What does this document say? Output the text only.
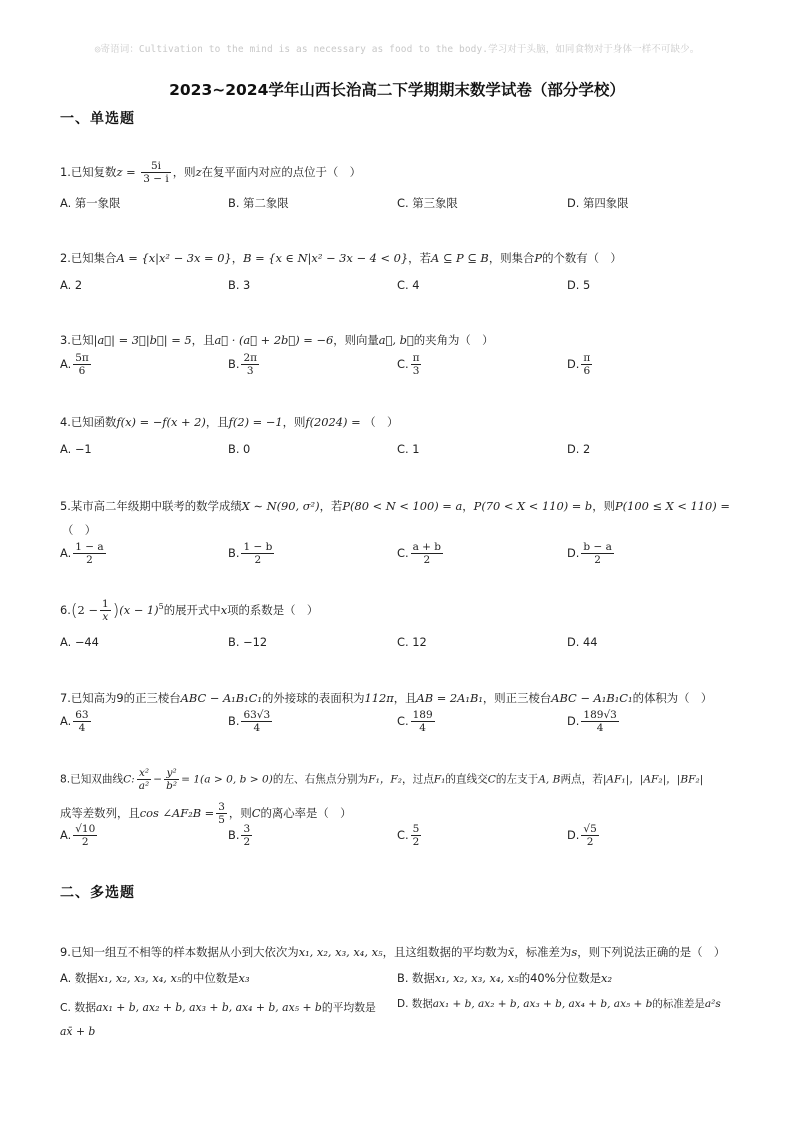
◎寄语词：Cultivation to the mind is as necessary as food to the body.学习对于头脑，如同食物对于身体一样不可缺少。
2023~2024学年山西长治高二下学期期末数学试卷（部分学校）
一、单选题
1.已知复数$z = \frac{5i}{3 - i}$ ，则z在复平面内对应的点位于（　）
A. 第一象限	B. 第二象限	C. 第三象限	D. 第四象限
2.已知集合A = {x|x² − 3x = 0}，B = {x ∈ N|x² − 3x − 4 < 0}，若A ⊆ P ⊆ B，则集合P的个数有（　）
A. 2	B. 3	C. 4	D. 5
3.已知|a⃗| = 3，|b⃗| = 5，且a⃗ · (a⃗ + 2b⃗) = −6，则向量a⃗, b⃗的夹角为（　）
A. $\frac{5\pi}{6}$	B. $\frac{2\pi}{3}$	C. $\frac{\pi}{3}$	D. $\frac{\pi}{6}$
4.已知函数f(x) = −f(x + 2)，且f(2) = −1，则f(2024) = （　）
A. −1	B. 0	C. 1	D. 2
5.某市高二年级期中联考的数学成绩X ∼ N(90, σ²)，若P(80 < N < 100) = a，P(70 < X < 110) = b，则P(100 ≤ X < 110) =
（　）
A. $\frac{1 - a}{2}$	B. $\frac{1 - b}{2}$	C. $\frac{a + b}{2}$	D. $\frac{b - a}{2}$
$6.(2 - \frac{1}{x} )(x - 1)^5$的展开式中x项的系数是（　）
A. −44	B. −12	C. 12	D. 44
7.已知高为9的正三棱台ABC − A₁B₁C₁的外接球的表面积为112π，且AB = 2A₁B₁，则正三棱台ABC − A₁B₁C₁的体积为（　）
A. $\frac{63}{4}$	B. $\frac{63√3}{4}$	C. $\frac{189}{4}$	D. $\frac{189√3}{4}$
8.已知双曲线C: $\frac{\text{x²}}{\text{a²}} - \frac{\text{y²}}{\text{b²}} = 1(a > 0$, b > 0)的左、右焦点分别为F₁，F₂，过点F₁的直线交C的左支于A, B两点，若|AF₁|，|AF₂|，|BF₂|
成等差数列，且cos ∠AF₂B = $\frac{3}{5}$ ，则C的离心率是（　）
A. $\frac{√10}{2}$	B. $\frac{3}{2}$	C. $\frac{5}{2}$	D. $\frac{√5}{2}$
二、多选题
9.已知一组互不相等的样本数据从小到大依次为x₁, x₂, x₃, x₄, x₅，且这组数据的平均数为x̄，标准差为s，则下列说法正确的是（　）
A. 数据x₁, x₂, x₃, x₄, x₅的中位数是x₃	B. 数据x₁, x₂, x₃, x₄, x₅的40%分位数是x₂
C. 数据ax₁ + b, ax₂ + b, ax₃ + b, ax₄ + b, ax₅ + b的平均数是ax̄ + b
D. 数据ax₁ + b, ax₂ + b, ax₃ + b, ax₄ + b, ax₅ + b的标准差是a²s
